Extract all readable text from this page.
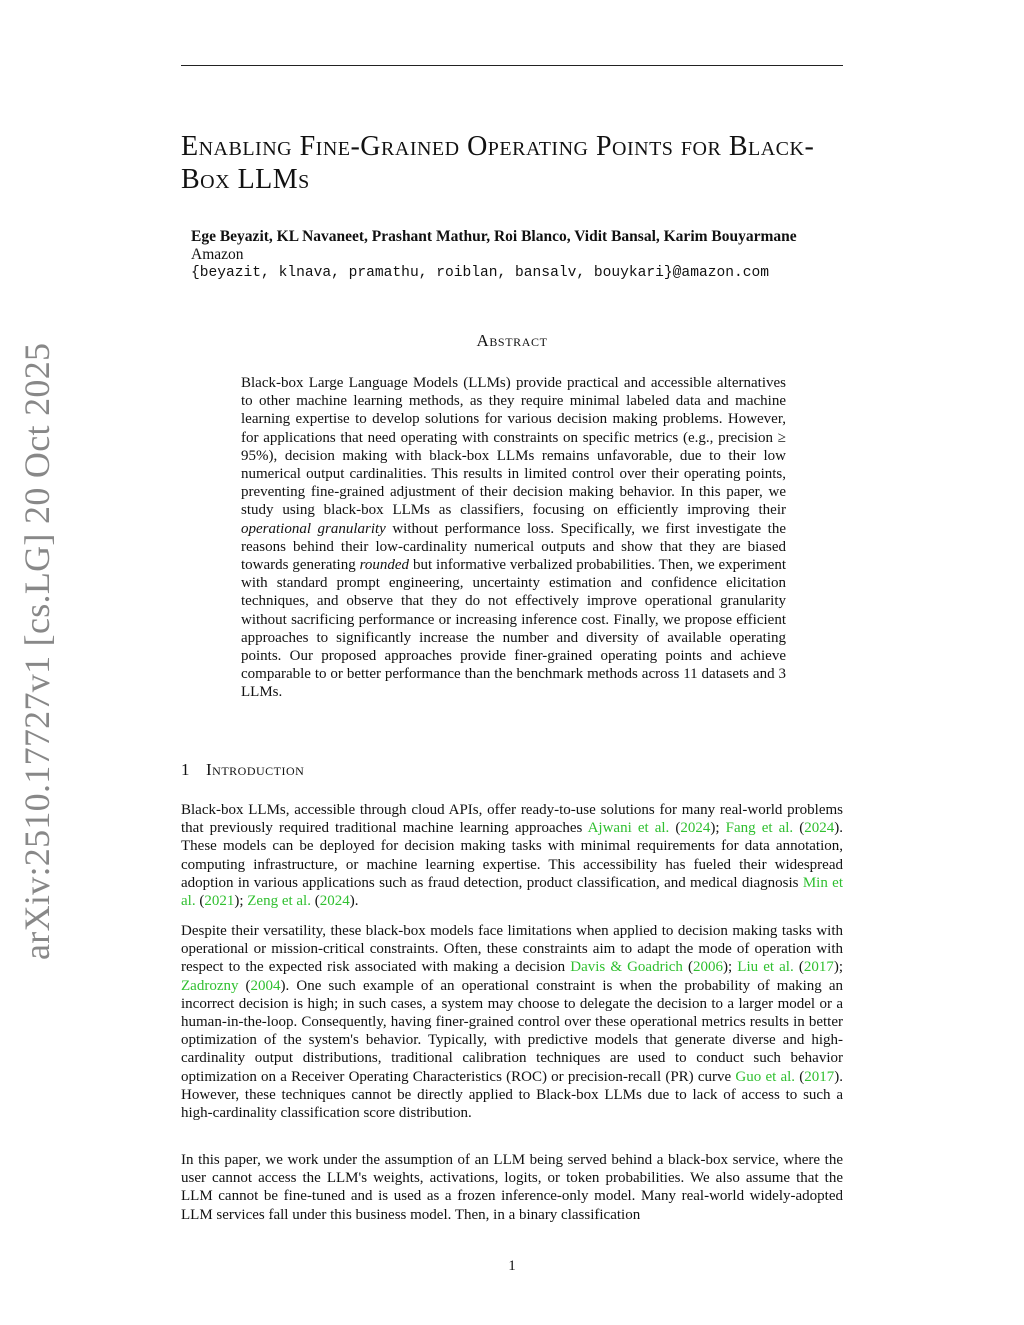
Enabling Fine-Grained Operating Points for Black-Box LLMs
Ege Beyazit, KL Navaneet, Prashant Mathur, Roi Blanco, Vidit Bansal, Karim Bouyarmane
Amazon
{beyazit, klnava, pramathu, roiblan, bansalv, bouykari}@amazon.com
Abstract
Black-box Large Language Models (LLMs) provide practical and accessible alternatives to other machine learning methods, as they require minimal labeled data and machine learning expertise to develop solutions for various decision making problems. However, for applications that need operating with constraints on specific metrics (e.g., precision ≥ 95%), decision making with black-box LLMs remains unfavorable, due to their low numerical output cardinalities. This results in limited control over their operating points, preventing fine-grained adjustment of their decision making behavior. In this paper, we study using black-box LLMs as classifiers, focusing on efficiently improving their operational granularity without performance loss. Specifically, we first investigate the reasons behind their low-cardinality numerical outputs and show that they are biased towards generating rounded but informative verbalized probabilities. Then, we experiment with standard prompt engineering, uncertainty estimation and confidence elicitation techniques, and observe that they do not effectively improve operational granularity without sacrificing performance or increasing inference cost. Finally, we propose efficient approaches to significantly increase the number and diversity of available operating points. Our proposed approaches provide finer-grained operating points and achieve comparable to or better performance than the benchmark methods across 11 datasets and 3 LLMs.
1 Introduction

Black-box LLMs, accessible through cloud APIs, offer ready-to-use solutions for many real-world problems that previously required traditional machine learning approaches Ajwani et al. (2024); Fang et al. (2024). These models can be deployed for decision making tasks with minimal requirements for data annotation, computing infrastructure, or machine learning expertise. This accessibility has fueled their widespread adoption in various applications such as fraud detection, product classification, and medical diagnosis Min et al. (2021); Zeng et al. (2024).

Despite their versatility, these black-box models face limitations when applied to decision making tasks with operational or mission-critical constraints. Often, these constraints aim to adapt the mode of operation with respect to the expected risk associated with making a decision Davis & Goadrich (2006); Liu et al. (2017); Zadrozny (2004). One such example of an operational constraint is when the probability of making an incorrect decision is high; in such cases, a system may choose to delegate the decision to a larger model or a human-in-the-loop. Consequently, having finer-grained control over these operational metrics results in better optimization of the system's behavior. Typically, with predictive models that generate diverse and high-cardinality output distributions, traditional calibration techniques are used to conduct such behavior optimization on a Receiver Operating Characteristics (ROC) or precision-recall (PR) curve Guo et al. (2017). However, these techniques cannot be directly applied to Black-box LLMs due to lack of access to such a high-cardinality classification score distribution.

In this paper, we work under the assumption of an LLM being served behind a black-box service, where the user cannot access the LLM's weights, activations, logits, or token probabilities. We also assume that the LLM cannot be fine-tuned and is used as a frozen inference-only model. Many real-world widely-adopted LLM services fall under this business model. Then, in a binary classification

1
arXiv:2510.17727v1 [cs.LG] 20 Oct 2025
